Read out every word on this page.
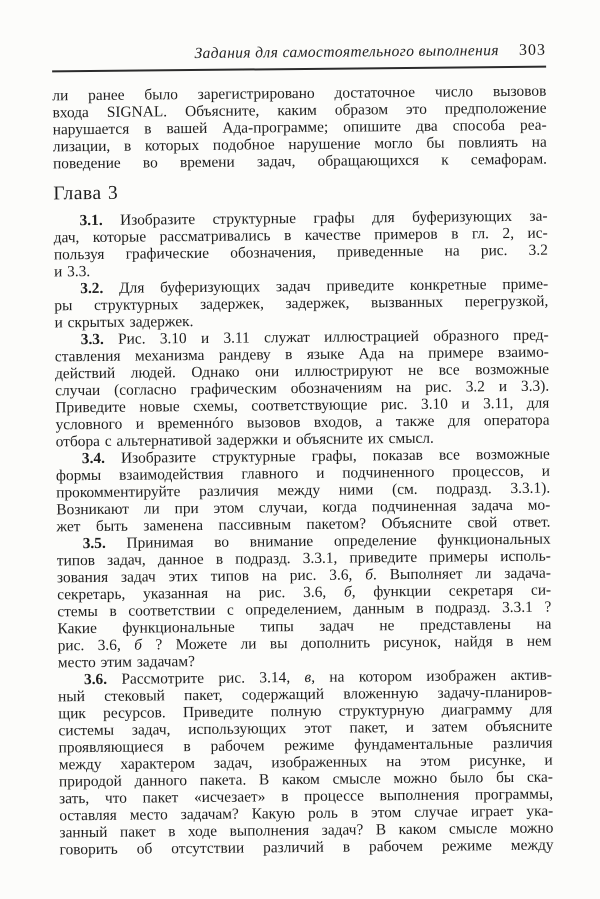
Задания для самостоятельного выполнения 303
ли ранее было зарегистрировано достаточное число вызовов
входа SIGNAL. Объясните, каким образом это предположение
нарушается в вашей Ада-программе; опишите два способа реа-
лизации, в которых подобное нарушение могло бы повлиять на
поведение во времени задач, обращающихся к семафорам.
Глава 3
3.1. Изобразите структурные графы для буферизующих за-
дач, которые рассматривались в качестве примеров в гл. 2, ис-
пользуя графические обозначения, приведенные на рис. 3.2
и 3.3.
3.2. Для буферизующих задач приведите конкретные приме-
ры структурных задержек, задержек, вызванных перегрузкой,
и скрытых задержек.
3.3. Рис. 3.10 и 3.11 служат иллюстрацией образного пред-
ставления механизма рандеву в языке Ада на примере взаимо-
действий людей. Однако они иллюстрируют не все возможные
случаи (согласно графическим обозначениям на рис. 3.2 и 3.3).
Приведите новые схемы, соответствующие рис. 3.10 и 3.11, для
условного и временнóго вызовов входов, а также для оператора
отбора с альтернативой задержки и объясните их смысл.
3.4. Изобразите структурные графы, показав все возможные
формы взаимодействия главного и подчиненного процессов, и
прокомментируйте различия между ними (см. подразд. 3.3.1).
Возникают ли при этом случаи, когда подчиненная задача мо-
жет быть заменена пассивным пакетом? Объясните свой ответ.
3.5. Принимая во внимание определение функциональных
типов задач, данное в подразд. 3.3.1, приведите примеры исполь-
зования задач этих типов на рис. 3.6, б. Выполняет ли задача-
секретарь, указанная на рис. 3.6, б, функции секретаря си-
стемы в соответствии с определением, данным в подразд. 3.3.1 ?
Какие функциональные типы задач не представлены на
рис. 3.6, б ? Можете ли вы дополнить рисунок, найдя в нем
место этим задачам?
3.6. Рассмотрите рис. 3.14, в, на котором изображен актив-
ный стековый пакет, содержащий вложенную задачу-планиров-
щик ресурсов. Приведите полную структурную диаграмму для
системы задач, использующих этот пакет, и затем объясните
проявляющиеся в рабочем режиме фундаментальные различия
между характером задач, изображенных на этом рисунке, и
природой данного пакета. В каком смысле можно было бы ска-
зать, что пакет «исчезает» в процессе выполнения программы,
оставляя место задачам? Какую роль в этом случае играет ука-
занный пакет в ходе выполнения задач? В каком смысле можно
говорить об отсутствии различий в рабочем режиме между
